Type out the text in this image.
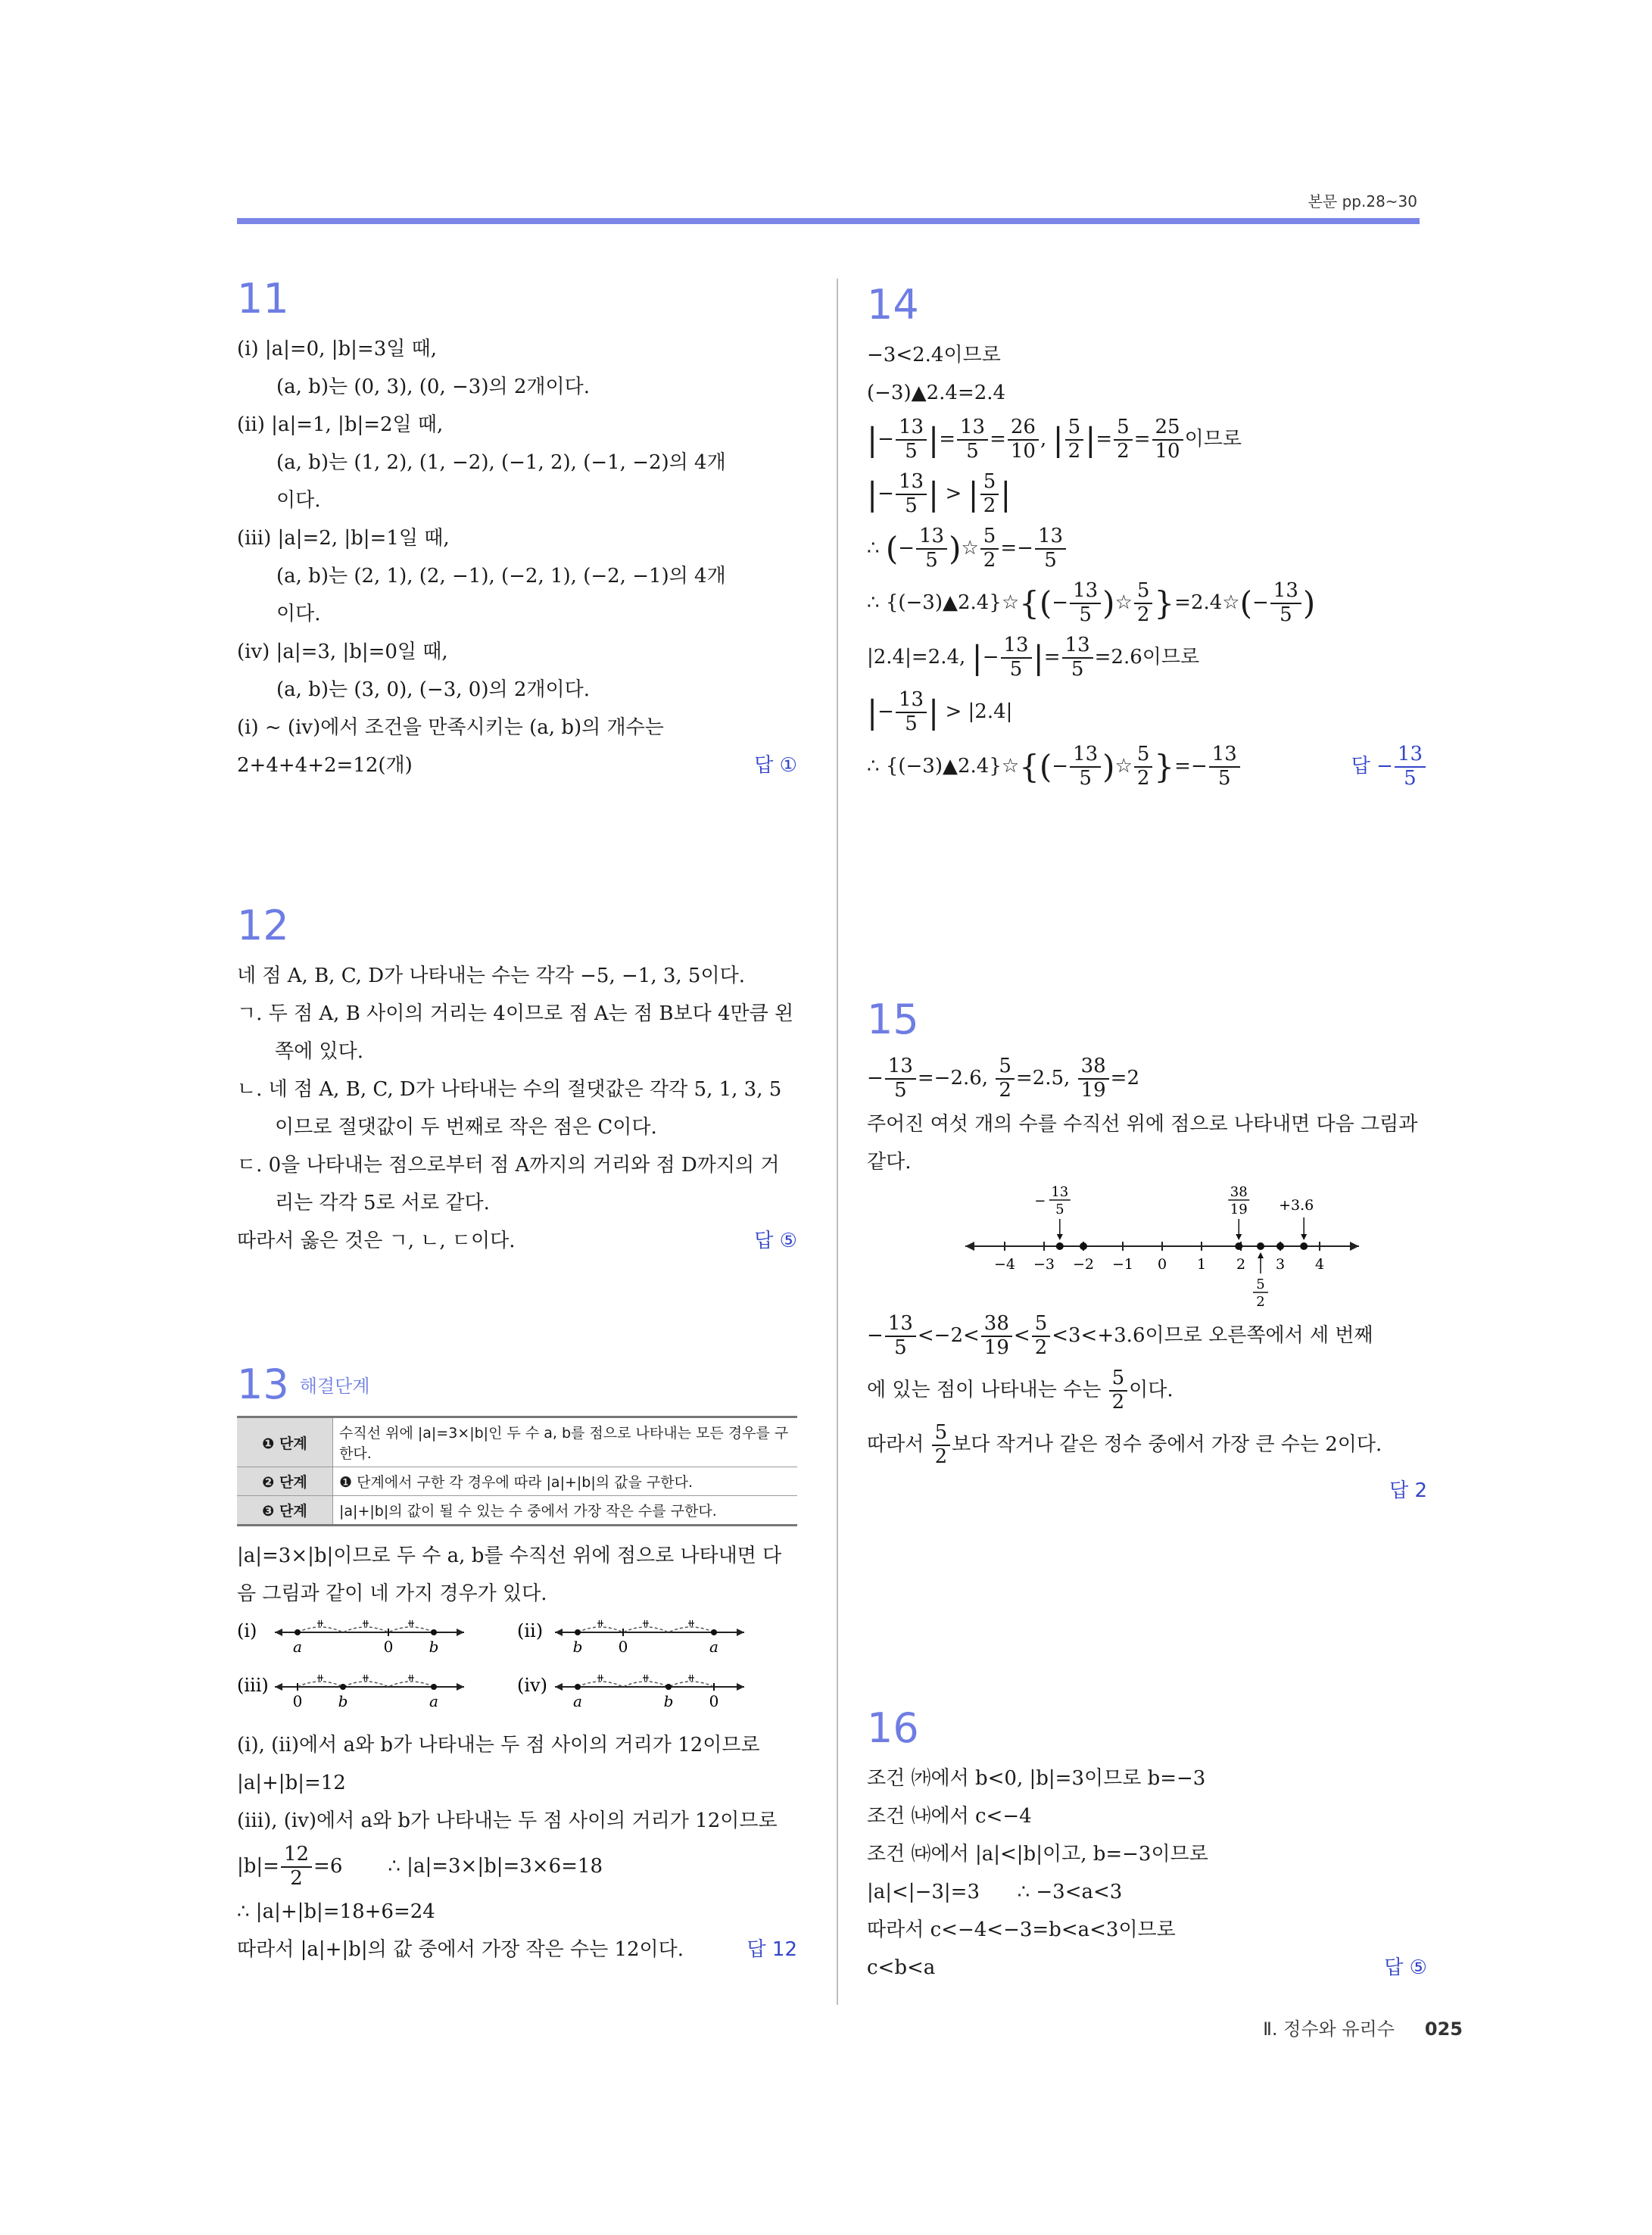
본문 pp.28~30
11

(ⅰ) |a|=0, |b|=3일 때,

(a, b)는 (0, 3), (0, −3)의 2개이다.

(ⅱ) |a|=1, |b|=2일 때,

(a, b)는 (1, 2), (1, −2), (−1, 2), (−1, −2)의 4개

이다.

(ⅲ) |a|=2, |b|=1일 때,

(a, b)는 (2, 1), (2, −1), (−2, 1), (−2, −1)의 4개

이다.

(ⅳ) |a|=3, |b|=0일 때,

(a, b)는 (3, 0), (−3, 0)의 2개이다.

(ⅰ) ~ (ⅳ)에서 조건을 만족시키는 (a, b)의 개수는

2+4+4+2=12(개)	답 ①

12

네 점 A, B, C, D가 나타내는 수는 각각 −5, −1, 3, 5이다.

ㄱ. 두 점 A, B 사이의 거리는 4이므로 점 A는 점 B보다 4만큼 왼쪽에 있다.

ㄴ. 네 점 A, B, C, D가 나타내는 수의 절댓값은 각각 5, 1, 3, 5이므로 절댓값이 두 번째로 작은 점은 C이다.

ㄷ. 0을 나타내는 점으로부터 점 A까지의 거리와 점 D까지의 거리는 각각 5로 서로 같다.

따라서 옳은 것은 ㄱ, ㄴ, ㄷ이다.	답 ⑤

13 $^{해결단계}$
❶ 단계	수직선 위에 |a|=3×|b|인 두 수 a, b를 점으로 나타내는 모든 경우를 구한다.
❷ 단계	❶ 단계에서 구한 각 경우에 따라 |a|+|b|의 값을 구한다.
❸ 단계	|a|+|b|의 값이 될 수 있는 수 중에서 가장 작은 수를 구한다.

|a|=3×|b|이므로 두 수 a, b를 수직선 위에 점으로 나타내면 다음 그림과 같이 네 가지 경우가 있다.

(ⅰ)	⧺	⧺	⧺
a	0 b
(ⅱ)	⧺	⧺	⧺
b 0	a
(ⅲ)	⧺	⧺	⧺
0 b	a
(ⅳ)	⧺	⧺	⧺
a	b 0

(ⅰ), (ⅱ)에서 a와 b가 나타내는 두 점 사이의 거리가 12이므로

|a|+|b|=12

(ⅲ), (ⅳ)에서 a와 b가 나타내는 두 점 사이의 거리가 12이므로

$|b|= \frac{12}{2} =6$ ∴ |a|=3×|b|=3×6=18

∴ |a|+|b|=18+6=24

따라서 |a|+|b|의 값 중에서 가장 작은 수는 12이다.	답 12

14

−3<2.4이므로

(−3)▲2.4=2.4

|− $\frac{13}{5}$ |= $\frac{13}{5} = \frac{26}{10}$ , | $\frac{5}{2}$ |= $\frac{5}{2} = \frac{25}{10}$ 이므로

|− $\frac{13}{5}$ | > | $\frac{5}{2}$ |

∴ (− $\frac{13}{5}$ )☆ $\frac{5}{2} =- \frac{13}{5}$

∴ {(−3)▲2.4}☆{(− $\frac{13}{5}$ )☆ $\frac{5}{2}$ }=2.4☆(− $\frac{13}{5}$ )

|2.4|=2.4, |− $\frac{13}{5}$ |= $\frac{13}{5} =2.6$이므로

|− $\frac{13}{5}$ | > |2.4|

∴ {(−3)▲2.4}☆{(− $\frac{13}{5}$ )☆ $\frac{5}{2}$ }=− $\frac{13}{5}$	답 − $\frac{13}{5}$

15

− $\frac{13}{5} =-2.6$, $\frac{5}{2} =2.5$, $\frac{38}{19} =2$

주어진 여섯 개의 수를 수직선 위에 점으로 나타내면 다음 그림과 같다.

−4 −3 −2 −1 0 1 2 3 4
−
13
5
38
19
5
2
+3.6

− $\frac{13}{5} <-2< \frac{38}{19} < \frac{5}{2} <3<+3.6$이므로 오른쪽에서 세 번째

에 있는 점이 나타내는 수는 $\frac{5}{2}$ 이다.

따라서 $\frac{5}{2}$ 보다 작거나 같은 정수 중에서 가장 큰 수는 2이다.

답 2

16

조건 ㈎에서 b<0, |b|=3이므로 b=−3

조건 ㈏에서 c<−4

조건 ㈐에서 |a|<|b|이고, b=−3이므로

|a|<|−3|=3      ∴ −3<a<3

따라서 c<−4<−3=b<a<3이므로

c<b<a	답 ⑤

Ⅱ. 정수와 유리수 025
